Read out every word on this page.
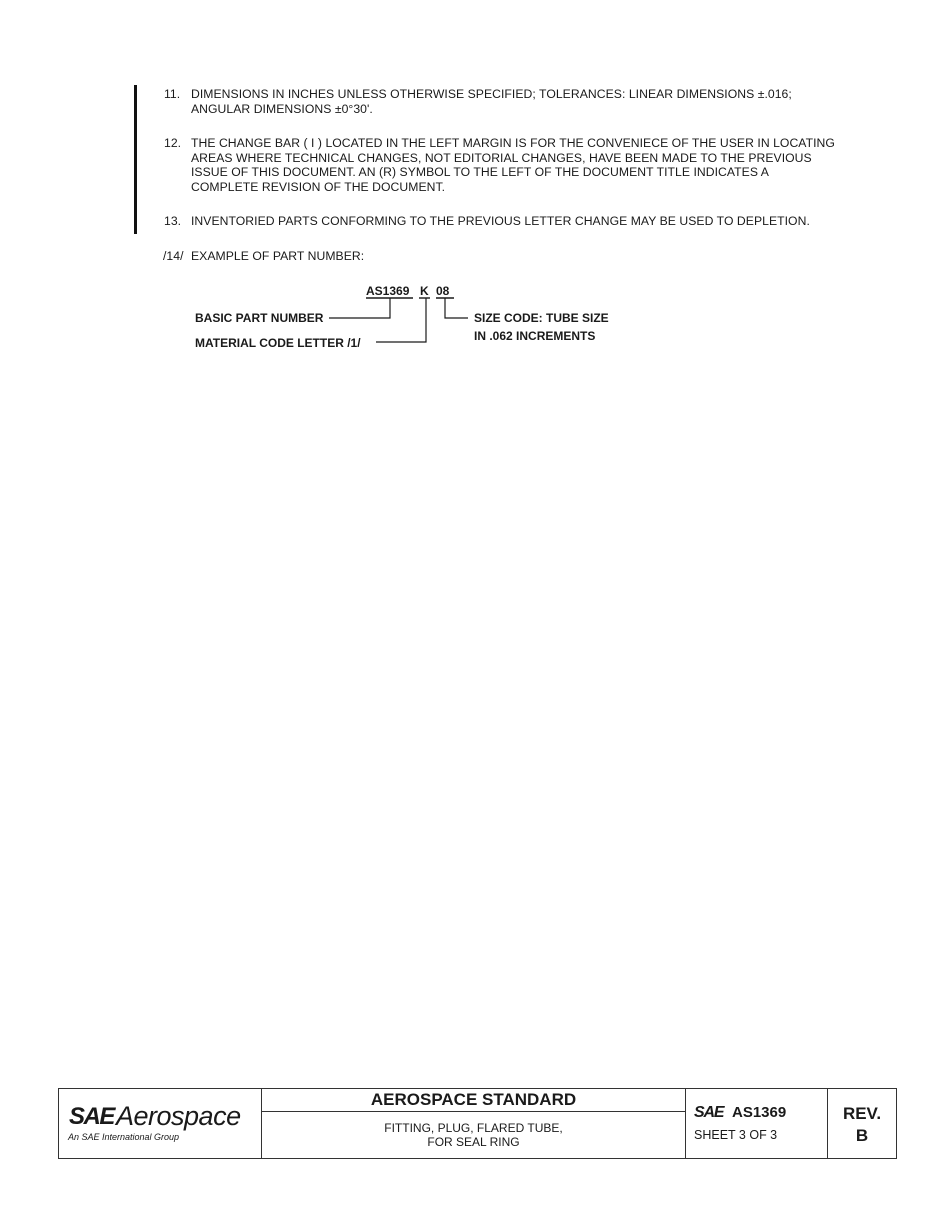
11. DIMENSIONS IN INCHES UNLESS OTHERWISE SPECIFIED; TOLERANCES: LINEAR DIMENSIONS ±.016;
ANGULAR DIMENSIONS ±0°30'.
12. THE CHANGE BAR ( I ) LOCATED IN THE LEFT MARGIN IS FOR THE CONVENIECE OF THE USER IN LOCATING
AREAS WHERE TECHNICAL CHANGES, NOT EDITORIAL CHANGES, HAVE BEEN MADE TO THE PREVIOUS
ISSUE OF THIS DOCUMENT. AN (R) SYMBOL TO THE LEFT OF THE DOCUMENT TITLE INDICATES A
COMPLETE REVISION OF THE DOCUMENT.
13. INVENTORIED PARTS CONFORMING TO THE PREVIOUS LETTER CHANGE MAY BE USED TO DEPLETION.
/14/ EXAMPLE OF PART NUMBER:
AS1369 K 08
BASIC PART NUMBER
MATERIAL CODE LETTER /1/
SIZE CODE: TUBE SIZE
IN .062 INCREMENTS
SAE Aerospace
An SAE International Group
AEROSPACE STANDARD
FITTING, PLUG, FLARED TUBE,
FOR SEAL RING
SAE AS1369
SHEET 3 OF 3
REV.
B
